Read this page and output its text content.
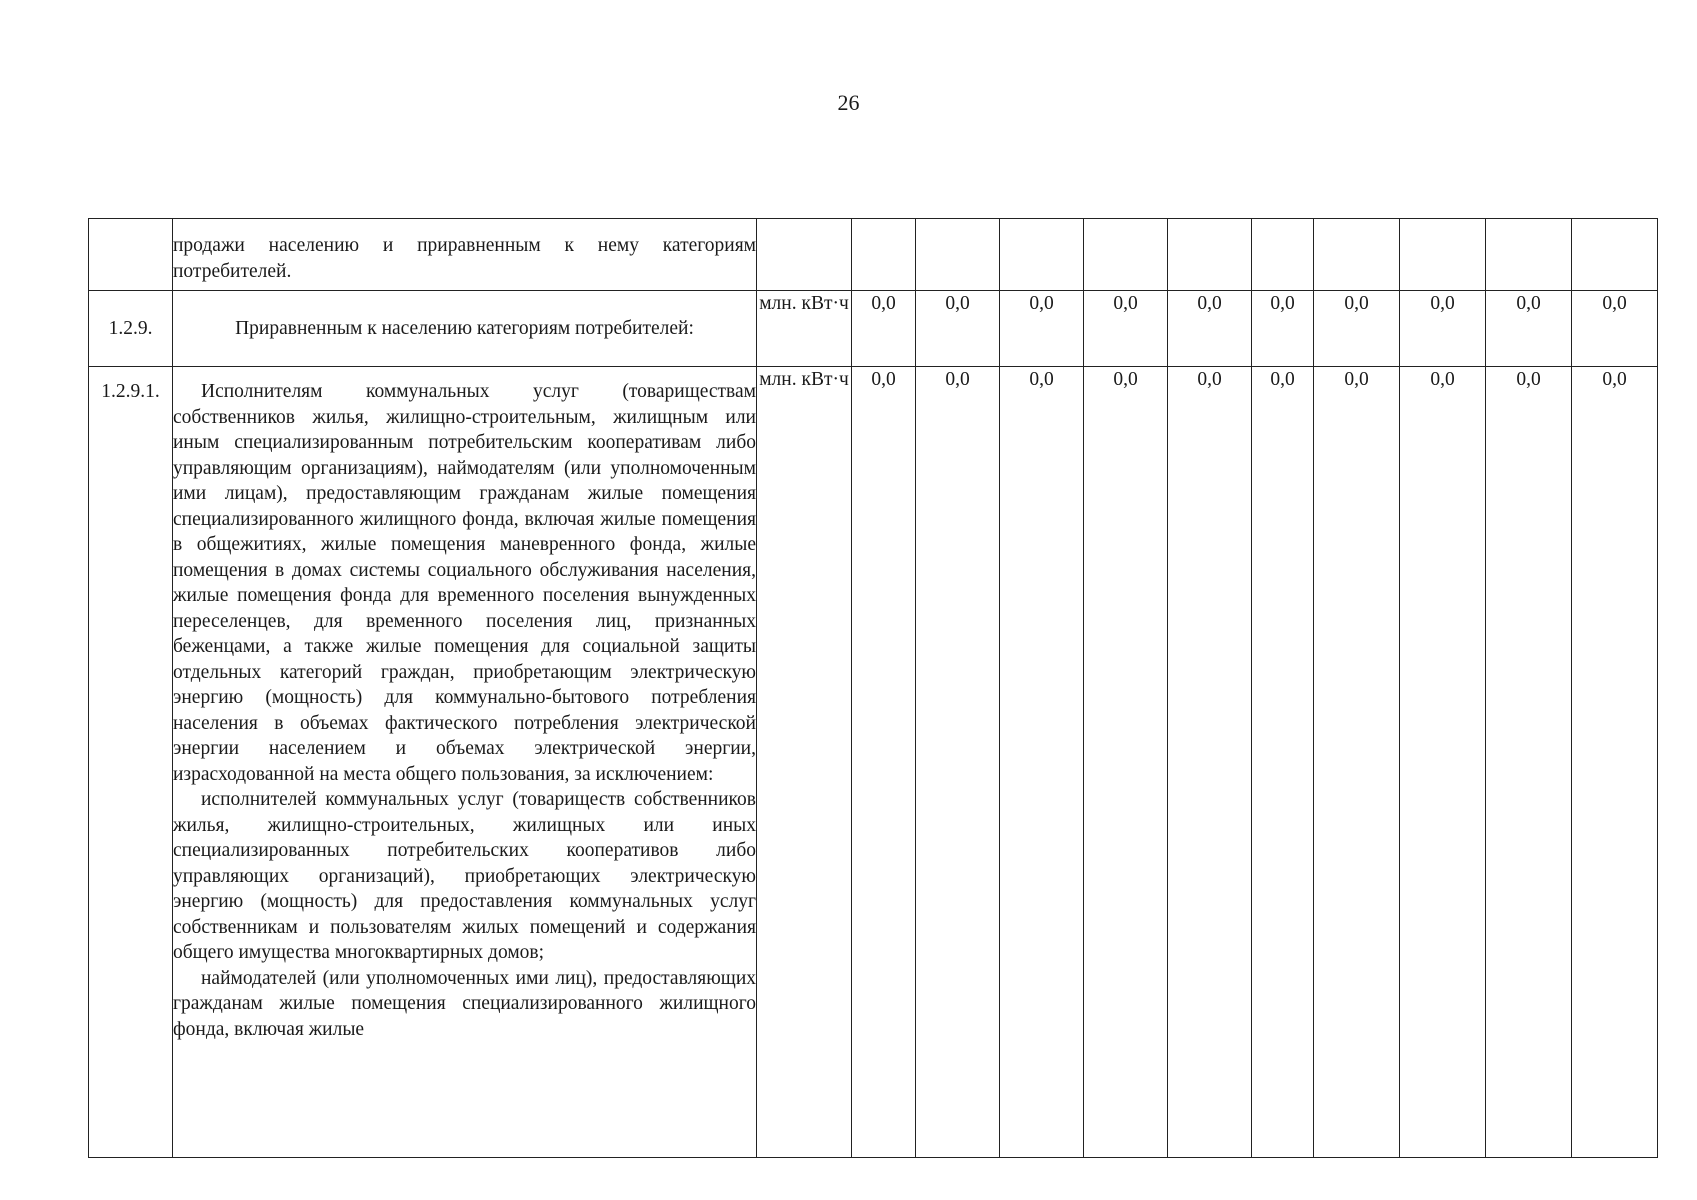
26

	продажи населению и приравненным к нему категориям потребителей.											

1.2.9.	Приравненным к населению категориям потребителей:	млн. кВт·ч	0,0	0,0	0,0	0,0	0,0	0,0	0,0	0,0	0,0	0,0
1.2.9.1.	Исполнителям коммунальных услуг (товариществам собственников жилья, жилищно-строительным, жилищным или иным специализированным потребительским кооперативам либо управляющим организациям), наймодателям (или уполномоченным ими лицам), предоставляющим гражданам жилые помещения специализированного жилищного фонда, включая жилые помещения в общежитиях, жилые помещения маневренного фонда, жилые помещения в домах системы социального обслуживания населения, жилые помещения фонда для временного поселения вынужденных переселенцев, для временного поселения лиц, признанных беженцами, а также жилые помещения для социальной защиты отдельных категорий граждан, приобретающим электрическую энергию (мощность) для коммунально-бытового потребления населения в объемах фактического потребления электрической энергии населением и объемах электрической энергии, израсходованной на места общего пользования, за исключением:

исполнителей коммунальных услуг (товариществ собственников жилья, жилищно-строительных, жилищных или иных специализированных потребительских кооперативов либо управляющих организаций), приобретающих электрическую энергию (мощность) для предоставления коммунальных услуг собственникам и пользователям жилых помещений и содержания общего имущества многоквартирных домов;

наймодателей (или уполномоченных ими лиц), предоставляющих гражданам жилые помещения специализированного жилищного фонда, включая жилые	млн. кВт·ч	0,0	0,0	0,0	0,0	0,0	0,0	0,0	0,0	0,0	0,0
